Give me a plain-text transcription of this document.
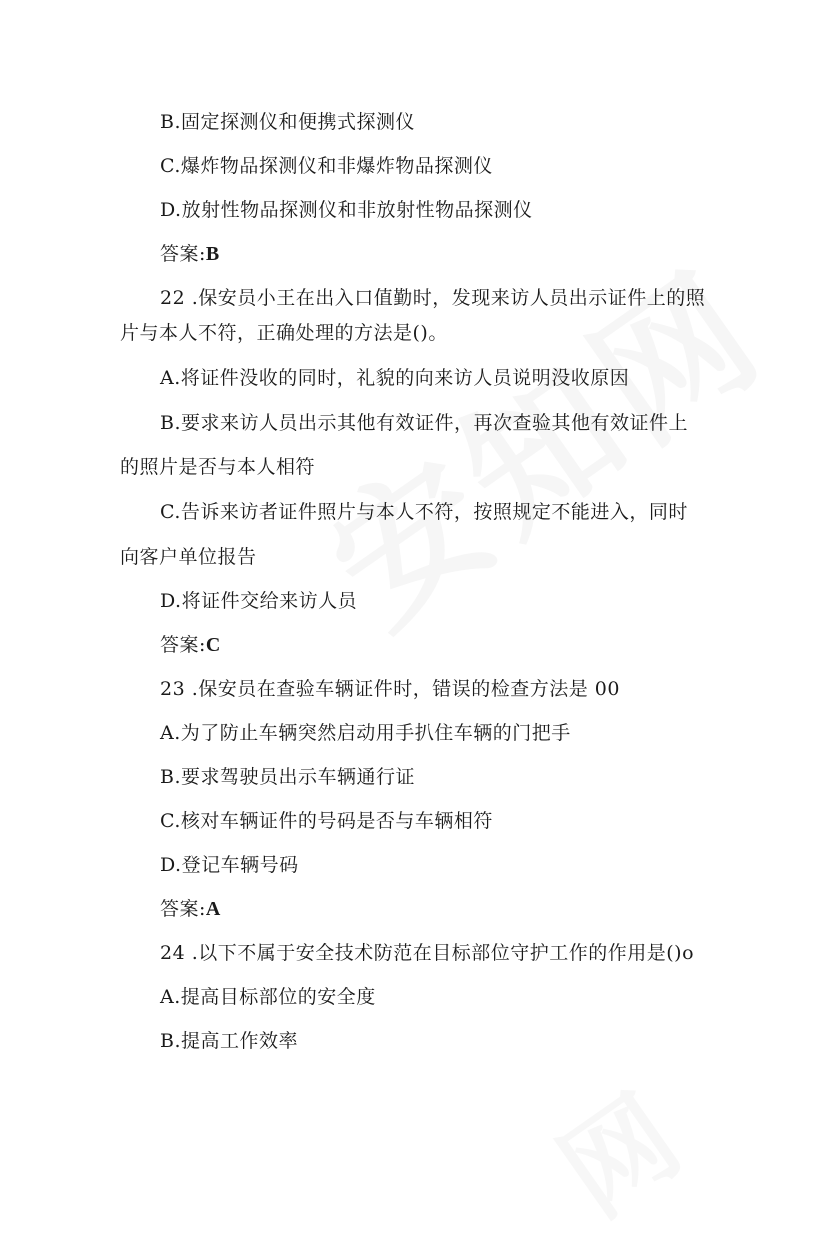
B.固定探测仪和便携式探测仪
C.爆炸物品探测仪和非爆炸物品探测仪
D.放射性物品探测仪和非放射性物品探测仪
答案:B
22 .保安员小王在出入口值勤时，发现来访人员出示证件上的照
片与本人不符，正确处理的方法是()。
A.将证件没收的同时，礼貌的向来访人员说明没收原因
B.要求来访人员出示其他有效证件，再次查验其他有效证件上
的照片是否与本人相符
C.告诉来访者证件照片与本人不符，按照规定不能进入，同时
向客户单位报告
D.将证件交给来访人员
答案:C
23 .保安员在查验车辆证件时，错误的检查方法是 00
A.为了防止车辆突然启动用手扒住车辆的门把手
B.要求驾驶员出示车辆通行证
C.核对车辆证件的号码是否与车辆相符
D.登记车辆号码
答案:A
24 .以下不属于安全技术防范在目标部位守护工作的作用是()o
A.提高目标部位的安全度
B.提高工作效率
